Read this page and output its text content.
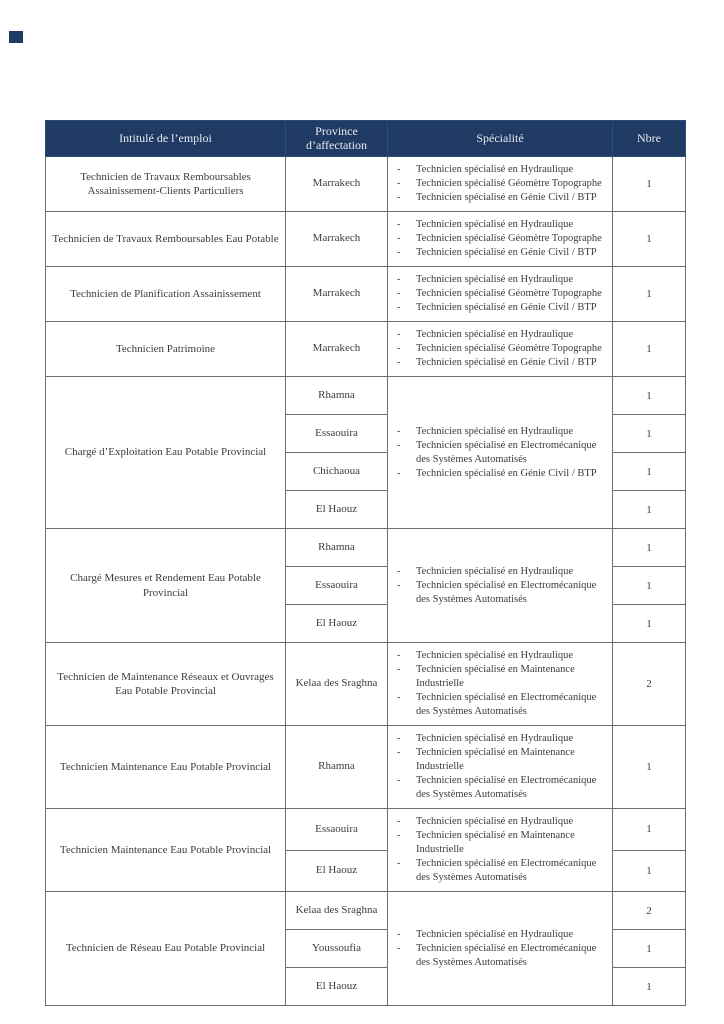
Intitulé de l’emploi	Province d’affectation	Spécialité	Nbre
Technicien de Travaux Remboursables Assainissement-Clients Particuliers	Marrakech	
-	Technicien spécialisé en Hydraulique
-	Technicien spécialisé Géomètre Topographe
-	Technicien spécialisé en Génie Civil / BTP
	1
Technicien de Travaux Remboursables Eau Potable	Marrakech	
-	Technicien spécialisé en Hydraulique
-	Technicien spécialisé Géomètre Topographe
-	Technicien spécialisé en Génie Civil / BTP
	1
Technicien de Planification Assainissement	Marrakech	
-	Technicien spécialisé en Hydraulique
-	Technicien spécialisé Géomètre Topographe
-	Technicien spécialisé en Génie Civil / BTP
	1
Technicien Patrimoine	Marrakech	
-	Technicien spécialisé en Hydraulique
-	Technicien spécialisé Géomètre Topographe
-	Technicien spécialisé en Génie Civil / BTP
	1
Chargé d’Exploitation Eau Potable Provincial	Rhamna	
-	Technicien spécialisé en Hydraulique
-	Technicien spécialisé en Electromécanique des Systèmes Automatisés
-	Technicien spécialisé en Génie Civil / BTP
	1
	Essaouira		1
	Chichaoua		1
	El Haouz		1
Chargé Mesures et Rendement Eau Potable Provincial	Rhamna	- Technicien spécialisé en Hydraulique
- Technicien spécialisé en Electromécanique des Systèmes Automatisés	1
	Essaouira		1
	El Haouz		1
Technicien de Maintenance Réseaux et Ouvrages Eau Potable Provincial	Kelaa des Sraghna	
-	Technicien spécialisé en Hydraulique
-	Technicien spécialisé en Maintenance Industrielle
-	Technicien spécialisé en Electromécanique des Systèmes Automatisés
	2
Technicien Maintenance Eau Potable Provincial	Rhamna	
-	Technicien spécialisé en Hydraulique
-	Technicien spécialisé en Maintenance Industrielle
-	Technicien spécialisé en Electromécanique des Systèmes Automatisés
	1
Technicien Maintenance Eau Potable Provincial	Essaouira	
-	Technicien spécialisé en Hydraulique
-	Technicien spécialisé en Maintenance Industrielle
-	Technicien spécialisé en Electromécanique des Systèmes Automatisés
	1
	El Haouz		1
Technicien de Réseau Eau Potable Provincial	Kelaa des Sraghna	- Technicien spécialisé en Hydraulique
- Technicien spécialisé en Electromécanique des Systèmes Automatisés	2
	Youssoufia		1
	El Haouz		1
